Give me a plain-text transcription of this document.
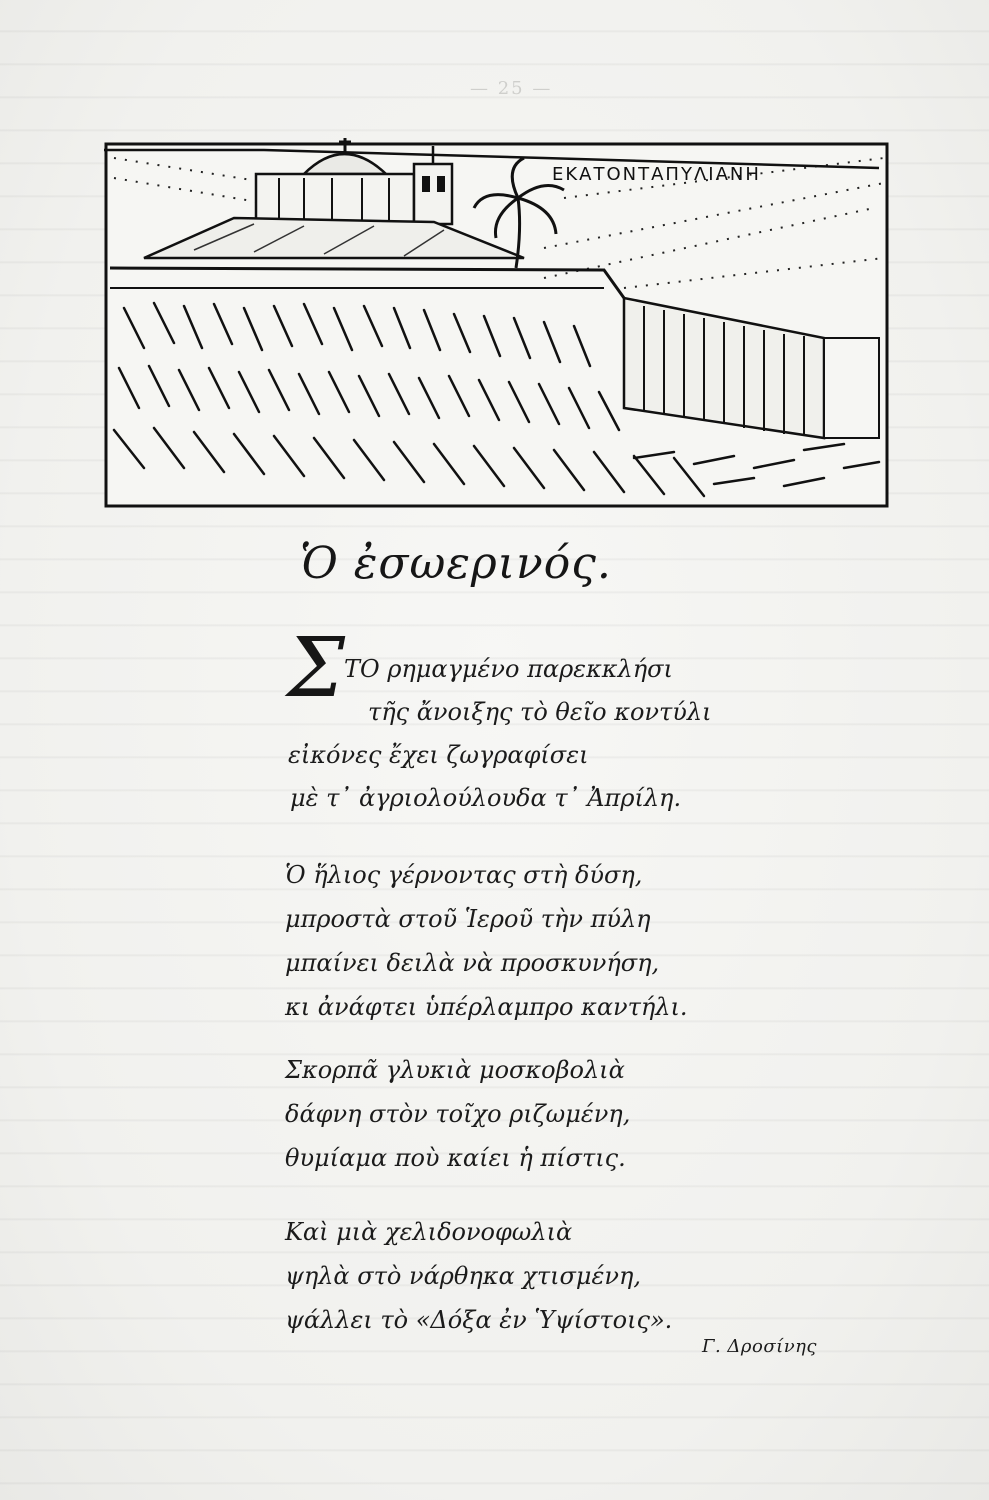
— 25 —
ΕΚΑΤΟΝΤΑΠΥΛΙΑΝΗ
Ὁ ἐσωερινός.
Σ ΤΟ ρημαγμένο παρεκκλήσι
τῆς ἄνοιξης τὸ θεῖο κοντύλι
εἰκόνες ἔχει ζωγραφίσει
μὲ τ᾽ ἀγριολούλουδα τ᾽ Ἀπρίλη.
Ὁ ἥλιος γέρνοντας στὴ δύση,
μπροστὰ στοῦ Ἱεροῦ τὴν πύλη
μπαίνει δειλὰ νὰ προσκυνήση,
κι ἀνάφτει ὑπέρλαμπρο καντήλι.
Σκορπᾶ γλυκιὰ μοσκοβολιὰ
δάφνη στὸν τοῖχο ριζωμένη,
θυμίαμα ποὺ καίει ἡ πίστις.
Καὶ μιὰ χελιδονοφωλιὰ
ψηλὰ στὸ νάρθηκα χτισμένη,
ψάλλει τὸ «Δόξα ἐν Ὑψίστοις».
Γ. Δροσίνης
